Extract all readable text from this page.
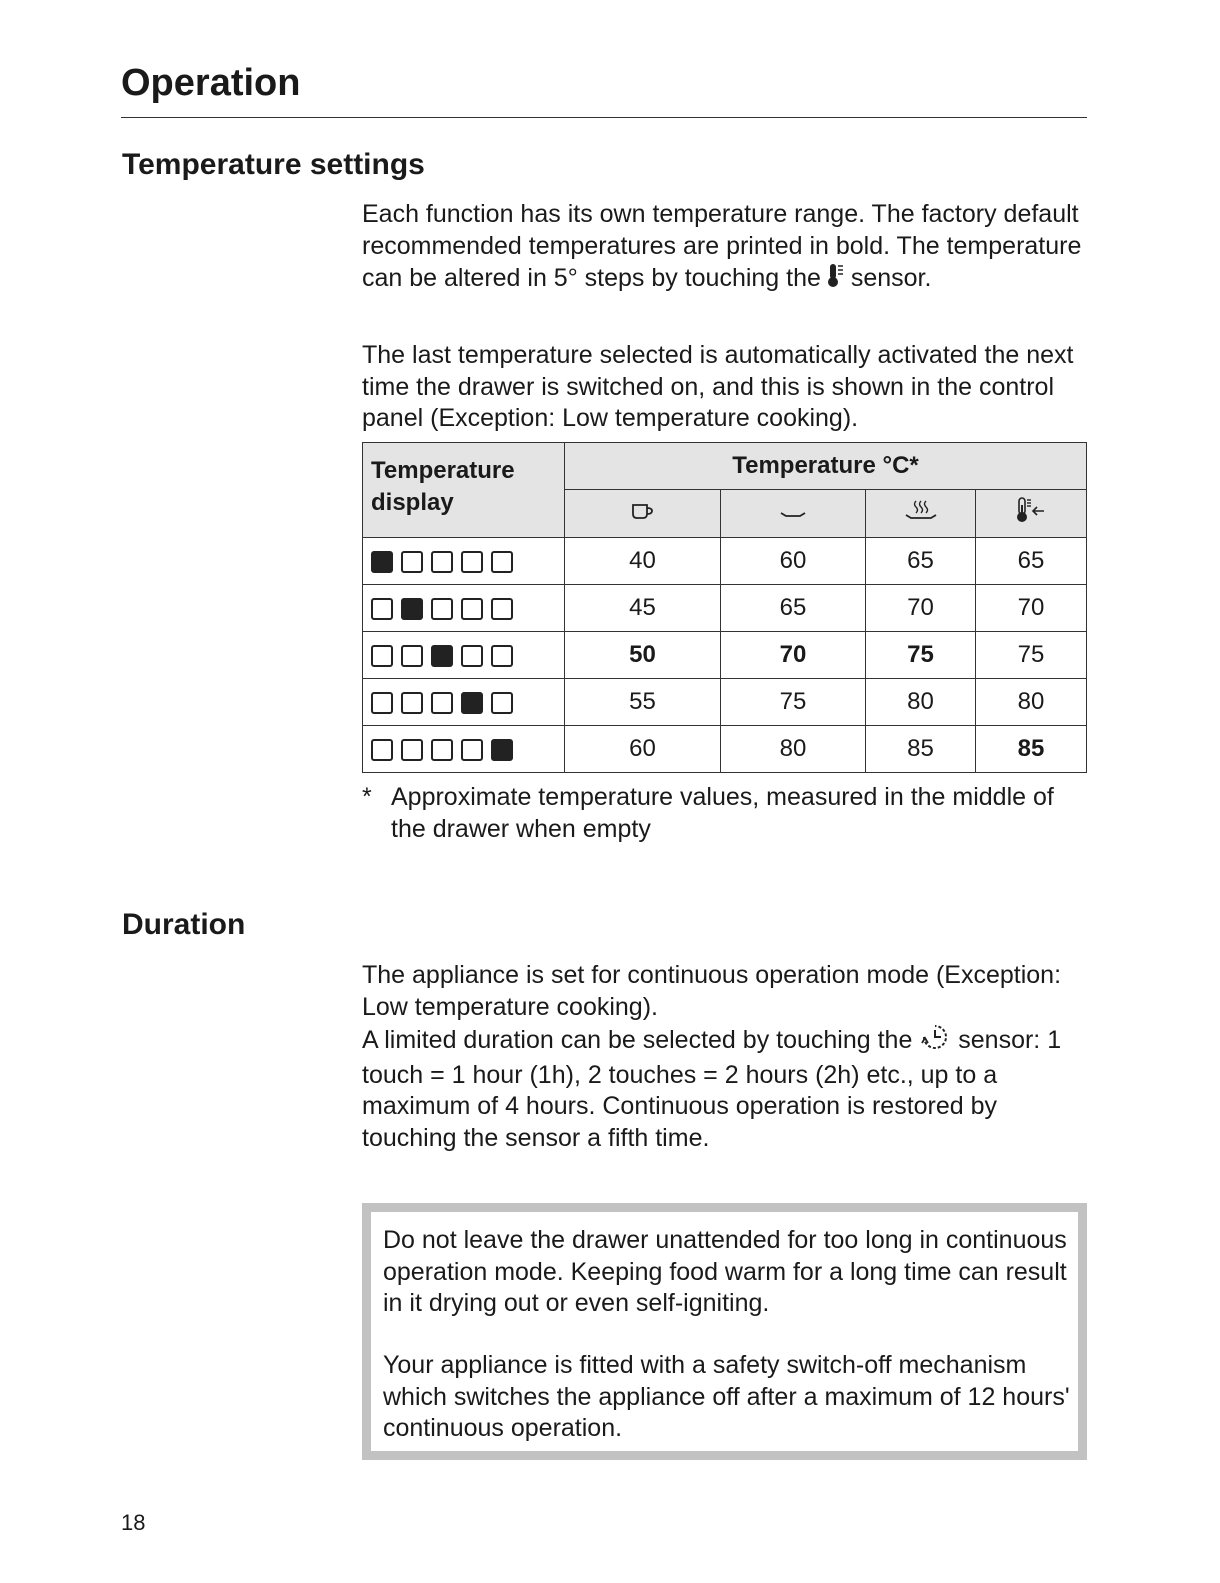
Operation
Temperature settings

Each function has its own temperature range. The factory default recommended temperatures are printed in bold. The temperature can be altered in 5° steps by touching the sensor.

The last temperature selected is automatically activated the next time the drawer is switched on, and this is shown in the control panel (Exception: Low temperature cooking).

Temperature display	Temperature °C*			

	40	60	65	65
	45	65	70	70
	50	70	75	75
	55	75	80	80
	60	80	85	85
* Approximate temperature values, measured in the middle of the drawer when empty

Duration
The appliance is set for continuous operation mode (Exception: Low temperature cooking).
A limited duration can be selected by touching the sensor: 1 touch = 1 hour (1h), 2 touches = 2 hours (2h) etc., up to a maximum of 4 hours. Continuous operation is restored by touching the sensor a fifth time.

Do not leave the drawer unattended for too long in continuous operation mode. Keeping food warm for a long time can result in it drying out or even self-igniting.

Your appliance is fitted with a safety switch-off mechanism which switches the appliance off after a maximum of 12 hours' continuous operation.

18
